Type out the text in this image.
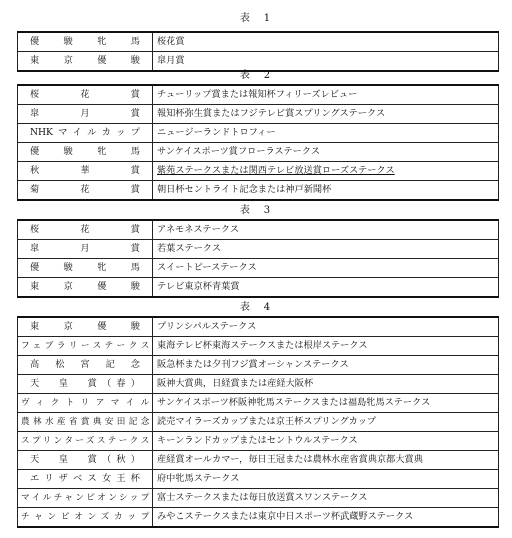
表　1

優　駿　牝　馬	桜花賞
東　京　優　駿	皐月賞

表　2

桜　花　賞	チューリップ賞または報知杯フィリーズレビュー
皐　月　賞	報知杯弥生賞またはフジテレビ賞スプリングステークス
NHKマイルカップ	ニュージーランドトロフィー
優　駿　牝　馬	サンケイスポーツ賞フローラステークス
秋　華　賞	紫苑ステークスまたは関西テレビ放送賞ローズステークス
菊　花　賞	朝日杯セントライト記念または神戸新聞杯

表　3

桜　花　賞	アネモネステークス
皐　月　賞	若葉ステークス
優　駿　牝　馬	スイートピーステークス
東　京　優　駿	テレビ東京杯青葉賞

表　4

東　京　優　駿	プリンシパルステークス
フェブラリーステークス	東海テレビ杯東海ステークスまたは根岸ステークス
高　松　宮　記　念	阪急杯または夕刊フジ賞オーシャンステークス
天　皇　賞（春）	阪神大賞典，日経賞または産経大阪杯
ヴィクトリアマイル	サンケイスポーツ杯阪神牝馬ステークスまたは福島牝馬ステークス
農林水産省賞典安田記念	読売マイラーズカップまたは京王杯スプリングカップ
スプリンターズステークス	キーンランドカップまたはセントウルステークス
天　皇　賞（秋）	産経賞オールカマー，毎日王冠または農林水産省賞典京都大賞典
エリザベス女王杯	府中牝馬ステークス
マイルチャンピオンシップ	富士ステークスまたは毎日放送賞スワンステークス
チャンピオンズカップ	みやこステークスまたは東京中日スポーツ杯武蔵野ステークス
